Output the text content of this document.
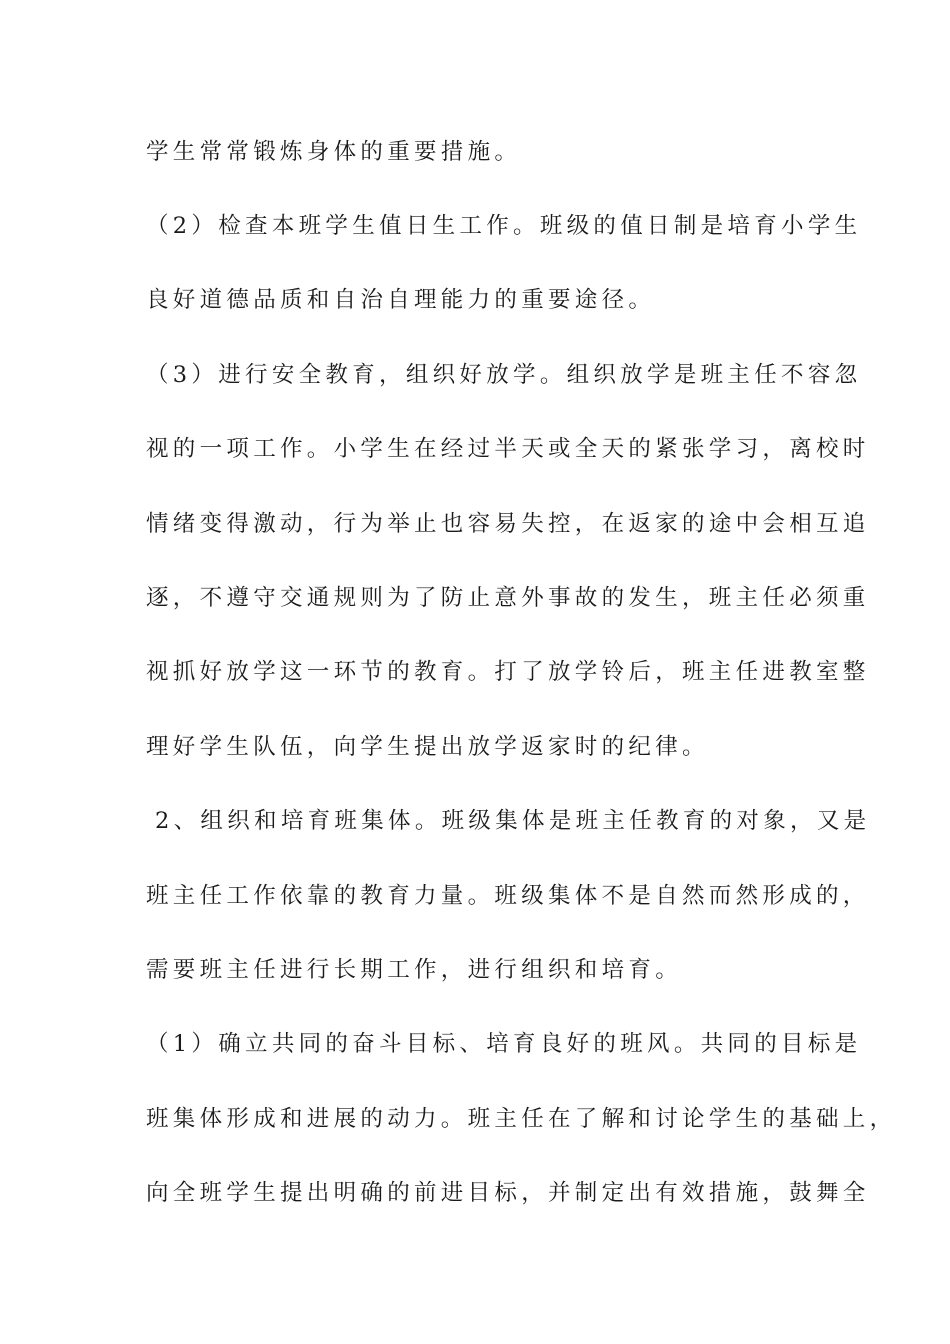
学生常常锻炼身体的重要措施。
（2）检查本班学生值日生工作。班级的值日制是培育小学生
良好道德品质和自治自理能力的重要途径。
（3）进行安全教育，组织好放学。组织放学是班主任不容忽
视的一项工作。小学生在经过半天或全天的紧张学习，离校时
情绪变得激动，行为举止也容易失控，在返家的途中会相互追
逐，不遵守交通规则为了防止意外事故的发生，班主任必须重
视抓好放学这一环节的教育。打了放学铃后，班主任进教室整
理好学生队伍，向学生提出放学返家时的纪律。
2、组织和培育班集体。班级集体是班主任教育的对象，又是
班主任工作依靠的教育力量。班级集体不是自然而然形成的，
需要班主任进行长期工作，进行组织和培育。
（1）确立共同的奋斗目标、培育良好的班风。共同的目标是
班集体形成和进展的动力。班主任在了解和讨论学生的基础上，
向全班学生提出明确的前进目标，并制定出有效措施，鼓舞全
